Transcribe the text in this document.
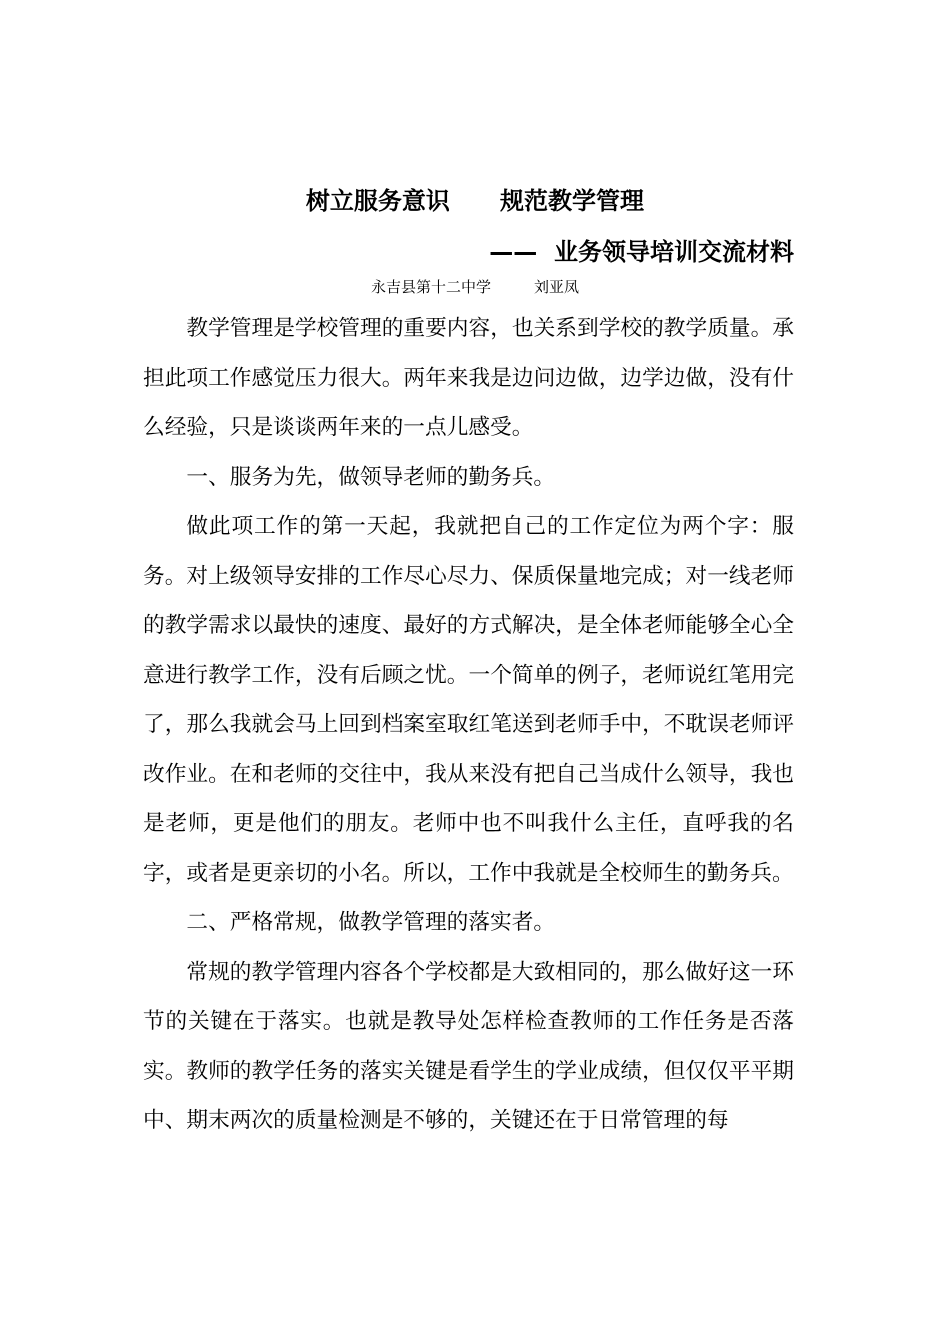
树立服务意识      规范教学管理
——  业务领导培训交流材料
永吉县第十二中学         刘亚凤

教学管理是学校管理的重要内容，也关系到学校的教学质量。承担此项工作感觉压力很大。两年来我是边问边做，边学边做，没有什么经验，只是谈谈两年来的一点儿感受。

一、服务为先，做领导老师的勤务兵。

做此项工作的第一天起，我就把自己的工作定位为两个字：服务。对上级领导安排的工作尽心尽力、保质保量地完成；对一线老师的教学需求以最快的速度、最好的方式解决，是全体老师能够全心全意进行教学工作，没有后顾之忧。一个简单的例子，老师说红笔用完了，那么我就会马上回到档案室取红笔送到老师手中，不耽误老师评改作业。在和老师的交往中，我从来没有把自己当成什么领导，我也是老师，更是他们的朋友。老师中也不叫我什么主任，直呼我的名字，或者是更亲切的小名。所以，工作中我就是全校师生的勤务兵。

二、严格常规，做教学管理的落实者。

常规的教学管理内容各个学校都是大致相同的，那么做好这一环节的关键在于落实。也就是教导处怎样检查教师的工作任务是否落实。教师的教学任务的落实关键是看学生的学业成绩，但仅仅平平期中、期末两次的质量检测是不够的，关键还在于日常管理的每
